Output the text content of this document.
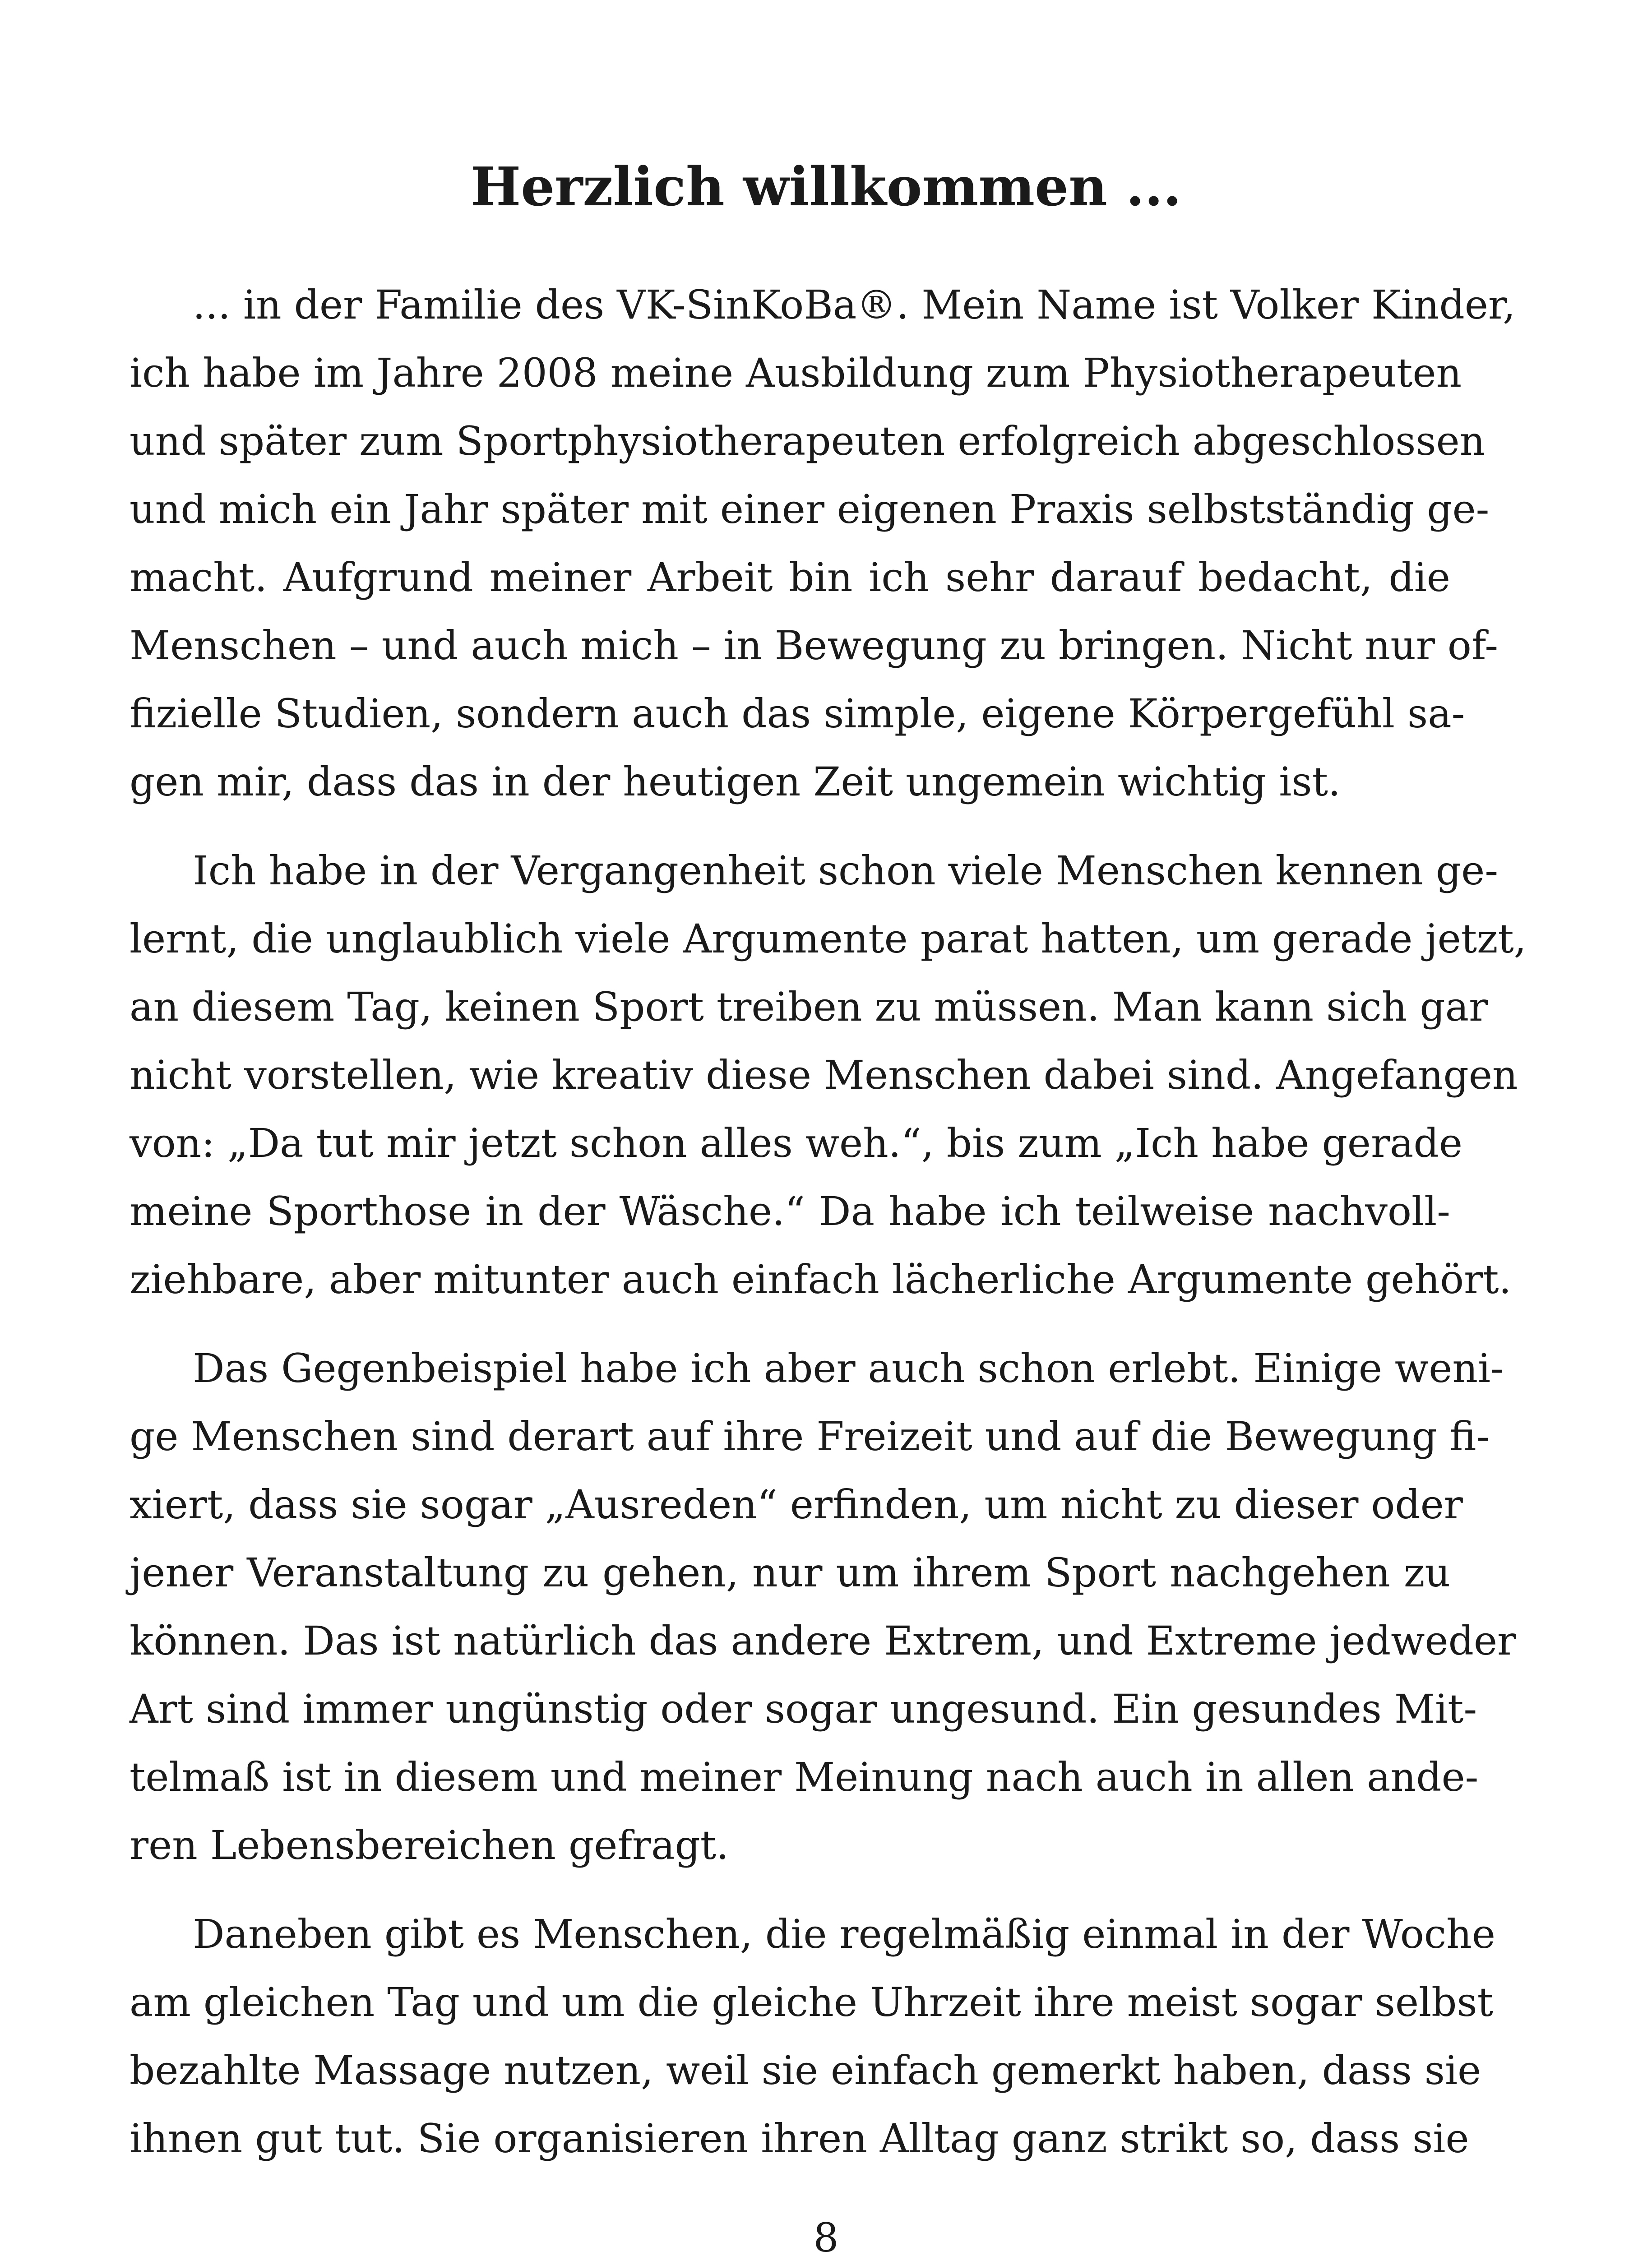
Herzlich willkommen ...
... in der Familie des VK-SinKoBa®. Mein Name ist Volker Kinder,
ich habe im Jahre 2008 meine Ausbildung zum Physiotherapeuten
und später zum Sportphysiotherapeuten erfolgreich abgeschlossen
und mich ein Jahr später mit einer eigenen Praxis selbstständig ge-
macht. Aufgrund meiner Arbeit bin ich sehr darauf bedacht, die
Menschen – und auch mich – in Bewegung zu bringen. Nicht nur of-
fizielle Studien, sondern auch das simple, eigene Körpergefühl sa-
gen mir, dass das in der heutigen Zeit ungemein wichtig ist.
Ich habe in der Vergangenheit schon viele Menschen kennen ge-
lernt, die unglaublich viele Argumente parat hatten, um gerade jetzt,
an diesem Tag, keinen Sport treiben zu müssen. Man kann sich gar
nicht vorstellen, wie kreativ diese Menschen dabei sind. Angefangen
von: „Da tut mir jetzt schon alles weh.“, bis zum „Ich habe gerade
meine Sporthose in der Wäsche.“ Da habe ich teilweise nachvoll-
ziehbare, aber mitunter auch einfach lächerliche Argumente gehört.
Das Gegenbeispiel habe ich aber auch schon erlebt. Einige weni-
ge Menschen sind derart auf ihre Freizeit und auf die Bewegung fi-
xiert, dass sie sogar „Ausreden“ erfinden, um nicht zu dieser oder
jener Veranstaltung zu gehen, nur um ihrem Sport nachgehen zu
können. Das ist natürlich das andere Extrem, und Extreme jedweder
Art sind immer ungünstig oder sogar ungesund. Ein gesundes Mit-
telmaß ist in diesem und meiner Meinung nach auch in allen ande-
ren Lebensbereichen gefragt.
Daneben gibt es Menschen, die regelmäßig einmal in der Woche
am gleichen Tag und um die gleiche Uhrzeit ihre meist sogar selbst
bezahlte Massage nutzen, weil sie einfach gemerkt haben, dass sie
ihnen gut tut. Sie organisieren ihren Alltag ganz strikt so, dass sie
8
